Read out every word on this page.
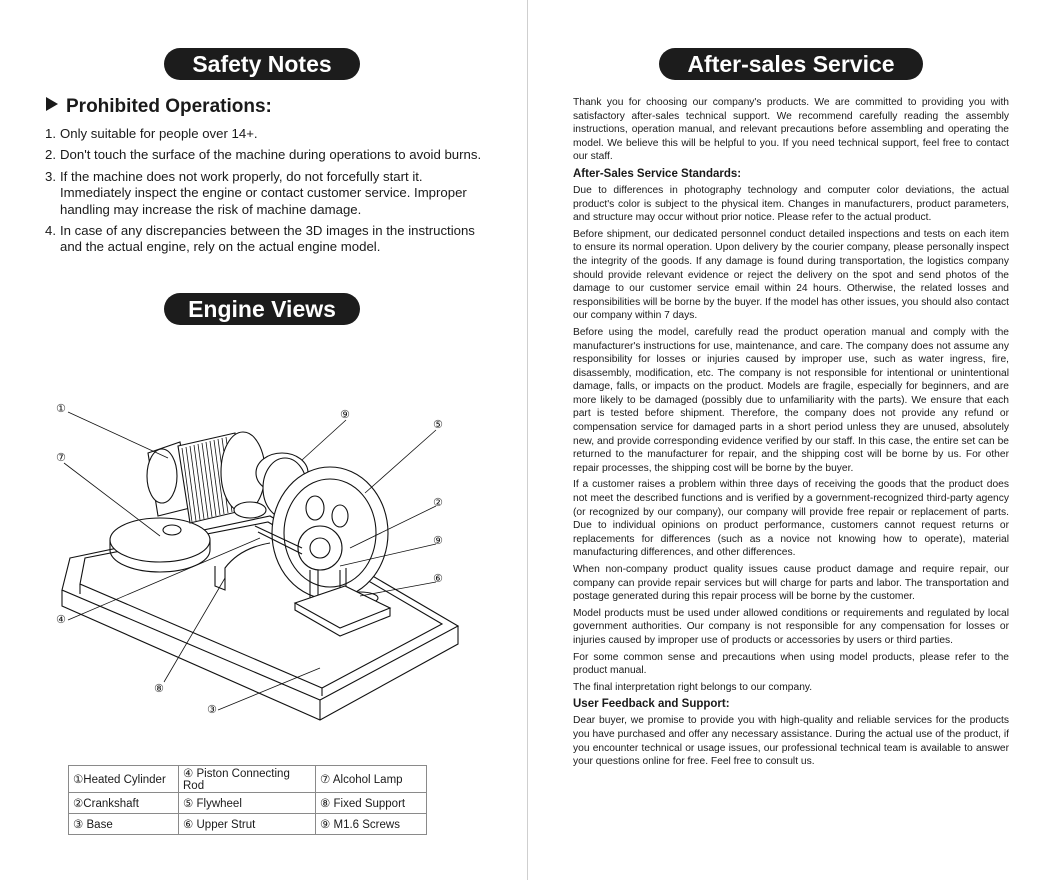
Safety Notes
Prohibited Operations:
1. Only suitable for people over 14+.
2. Don't touch the surface of the machine during operations to avoid burns.
3. If the machine does not work properly, do not forcefully start it. Immediately inspect the engine or contact customer service. Improper handling may increase the risk of machine damage.
4. In case of any discrepancies between the 3D images in the instructions and the actual engine, rely on the actual engine model.
Engine Views
①	⑨
⑤
⑦
②
⑨
⑥
④
⑧
③
①Heated Cylinder	④ Piston Connecting Rod	⑦ Alcohol Lamp
②Crankshaft	⑤ Flywheel	⑧ Fixed Support
③ Base	⑥ Upper Strut	⑨ M1.6 Screws
After-sales Service

Thank you for choosing our company's products. We are committed to providing you with satisfactory after-sales technical support. We recommend carefully reading the assembly instructions, operation manual, and relevant precautions before assembling and operating the model. We believe this will be helpful to you. If you need technical support, feel free to contact our staff.

After-Sales Service Standards:

Due to differences in photography technology and computer color deviations, the actual product's color is subject to the physical item. Changes in manufacturers, product parameters, and structure may occur without prior notice. Please refer to the actual product.

Before shipment, our dedicated personnel conduct detailed inspections and tests on each item to ensure its normal operation. Upon delivery by the courier company, please personally inspect the integrity of the goods. If any damage is found during transportation, the logistics company should provide relevant evidence or reject the delivery on the spot and send photos of the damage to our customer service email within 24 hours. Otherwise, the related losses and responsibilities will be borne by the buyer. If the model has other issues, you should also contact our company within 7 days.

Before using the model, carefully read the product operation manual and comply with the manufacturer's instructions for use, maintenance, and care. The company does not assume any responsibility for losses or injuries caused by improper use, such as water ingress, fire, disassembly, modification, etc. The company is not responsible for intentional or unintentional damage, falls, or impacts on the product. Models are fragile, especially for beginners, and are more likely to be damaged (possibly due to unfamiliarity with the parts). We ensure that each part is tested before shipment. Therefore, the company does not provide any refund or compensation service for damaged parts in a short period unless they are unused, absolutely new, and provide corresponding evidence verified by our staff. In this case, the entire set can be returned to the manufacturer for repair, and the shipping cost will be borne by us. For other repair processes, the shipping cost will be borne by the buyer.

If a customer raises a problem within three days of receiving the goods that the product does not meet the described functions and is verified by a government-recognized third-party agency (or recognized by our company), our company will provide free repair or replacement of parts. Due to individual opinions on product performance, customers cannot request returns or replacements for differences (such as a novice not knowing how to operate), material manufacturing differences, and other differences.

When non-company product quality issues cause product damage and require repair, our company can provide repair services but will charge for parts and labor. The transportation and postage generated during this repair process will be borne by the customer.

Model products must be used under allowed conditions or requirements and regulated by local government authorities. Our company is not responsible for any compensation for losses or injuries caused by improper use of products or accessories by users or third parties.

For some common sense and precautions when using model products, please refer to the product manual.

The final interpretation right belongs to our company.

User Feedback and Support:

Dear buyer, we promise to provide you with high-quality and reliable services for the products you have purchased and offer any necessary assistance. During the actual use of the product, if you encounter technical or usage issues, our professional technical team is available to answer your questions online for free. Feel free to consult us.
